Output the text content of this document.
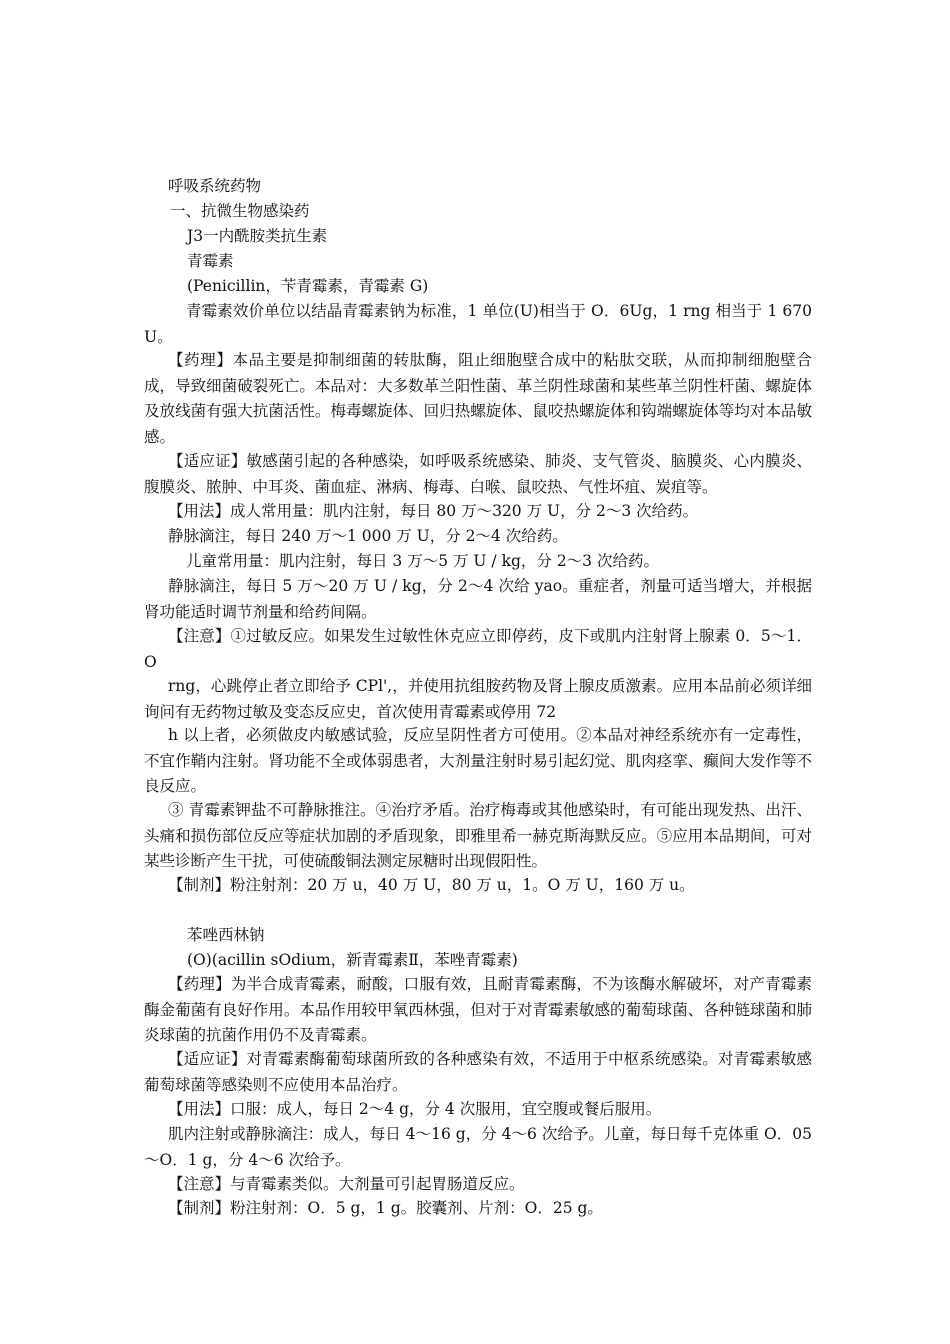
呼吸系统药物
一、抗微生物感染药
J3一内酰胺类抗生素
青霉素
(Penicillin，苄青霉素，青霉素 G)
青霉素效价单位以结晶青霉素钠为标准，1 单位(U)相当于 O．6Ug，1 rng 相当于 1 670 U。
【药理】本品主要是抑制细菌的转肽酶，阻止细胞壁合成中的粘肽交联，从而抑制细胞壁合成，导致细菌破裂死亡。本品对：大多数革兰阳性菌、革兰阴性球菌和某些革兰阴性杆菌、螺旋体及放线菌有强大抗菌活性。梅毒螺旋体、回归热螺旋体、鼠咬热螺旋体和钩端螺旋体等均对本品敏感。
【适应证】敏感菌引起的各种感染，如呼吸系统感染、肺炎、支气管炎、脑膜炎、心内膜炎、腹膜炎、脓肿、中耳炎、菌血症、淋病、梅毒、白喉、鼠咬热、气性坏疽、炭疽等。
【用法】成人常用量：肌内注射，每日 80 万～320 万 U，分 2～3 次给药。
静脉滴注，每日 240 万～1 000 万 U，分 2～4 次给药。
儿童常用量：肌内注射，每日 3 万～5 万 U / kg，分 2～3 次给药。
静脉滴注，每日 5 万～20 万 U / kg，分 2～4 次给 yao。重症者，剂量可适当增大，并根据肾功能适时调节剂量和给药间隔。
【注意】①过敏反应。如果发生过敏性休克应立即停药，皮下或肌内注射肾上腺素 0．5～1．O
rng，心跳停止者立即给予 CPl',，并使用抗组胺药物及肾上腺皮质激素。应用本品前必须详细询问有无药物过敏及变态反应史，首次使用青霉素或停用 72
h 以上者，必须做皮内敏感试验，反应呈阴性者方可使用。②本品对神经系统亦有一定毒性，不宜作鞘内注射。肾功能不全或体弱患者，大剂量注射时易引起幻觉、肌肉痉挛、癫间大发作等不良反应。
③ 青霉素钾盐不可静脉推注。④治疗矛盾。治疗梅毒或其他感染时，有可能出现发热、出汗、头痛和损伤部位反应等症状加剧的矛盾现象，即雅里希一赫克斯海默反应。⑤应用本品期间，可对某些诊断产生干扰，可使硫酸铜法测定尿糖时出现假阳性。
【制剂】粉注射剂：20 万 u，40 万 U，80 万 u，1。O 万 U，160 万 u。
苯唑西林钠
(O)(acillin sOdium，新青霉素Ⅱ，苯唑青霉素)
【药理】为半合成青霉素，耐酸，口服有效，且耐青霉素酶，不为该酶水解破坏，对产青霉素酶金葡菌有良好作用。本品作用较甲氧西林强，但对于对青霉素敏感的葡萄球菌、各种链球菌和肺炎球菌的抗菌作用仍不及青霉素。
【适应证】对青霉素酶葡萄球菌所致的各种感染有效，不适用于中枢系统感染。对青霉素敏感葡萄球菌等感染则不应使用本品治疗。
【用法】口服：成人，每日 2～4 g，分 4 次服用，宜空腹或餐后服用。
肌内注射或静脉滴注：成人，每日 4～16 g，分 4～6 次给予。儿童，每日每千克体重 O．05～O．1 g，分 4～6 次给予。
【注意】与青霉素类似。大剂量可引起胃肠道反应。
【制剂】粉注射剂：O．5 g，1 g。胶囊剂、片剂：O．25 g。
